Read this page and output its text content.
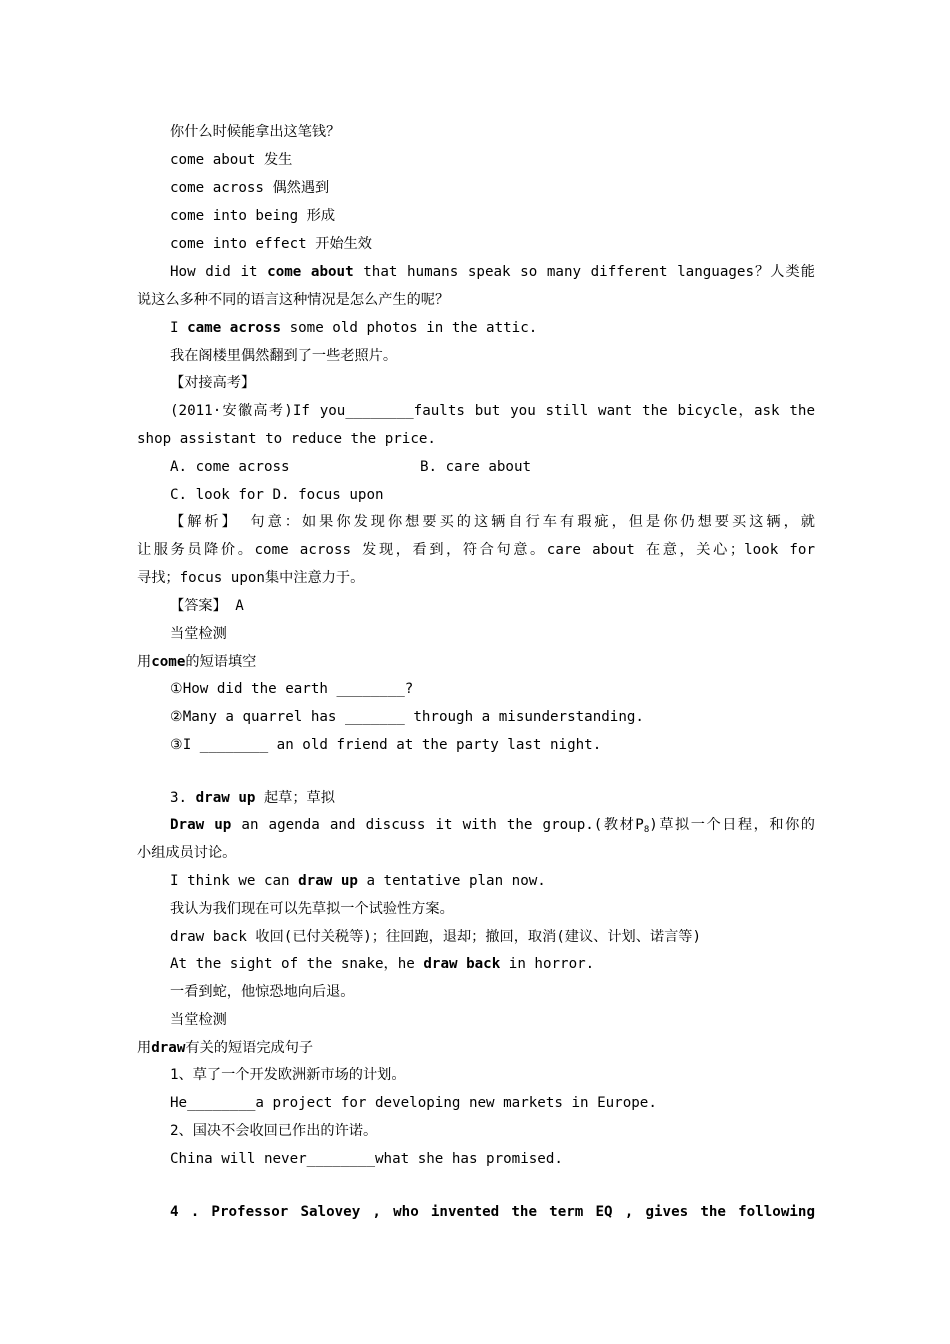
你什么时候能拿出这笔钱？
come about 发生
come across 偶然遇到
come into being 形成
come into effect 开始生效
How did it come about that humans speak so many different languages？人类能
说这么多种不同的语言这种情况是怎么产生的呢？
I came across some old photos in the attic.
我在阁楼里偶然翻到了一些老照片。
【对接高考】
(2011·安徽高考)If you________faults but you still want the bicycle，ask the
shop assistant to reduce the price.
A. come across	B. care about
C. look for D. focus upon
【解析】 句意：如果你发现你想要买的这辆自行车有瑕疵，但是你仍想要买这辆，就
让服务员降价。come across 发现，看到，符合句意。care about 在意，关心；look for
寻找；focus upon集中注意力于。
【答案】 A
当堂检测
用come的短语填空
①How did the earth ________?
②Many a quarrel has _______ through a misunderstanding.
③I ________ an old friend at the party last night.
3. draw up 起草；草拟
Draw up an agenda and discuss it with the group.(教材$P_8$)草拟一个日程，和你的
小组成员讨论。
I think we can draw up a tentative plan now.
我认为我们现在可以先草拟一个试验性方案。
draw back 收回(已付关税等)；往回跑，退却；撤回，取消(建议、计划、诺言等)
At the sight of the snake，he draw back in horror.
一看到蛇，他惊恐地向后退。
当堂检测
用draw有关的短语完成句子
1、草了一个开发欧洲新市场的计划。
He________a project for developing new markets in Europe.
2、国决不会收回已作出的许诺。
China will never________what she has promised.
4 . Professor Salovey , who invented the term EQ , gives the following
